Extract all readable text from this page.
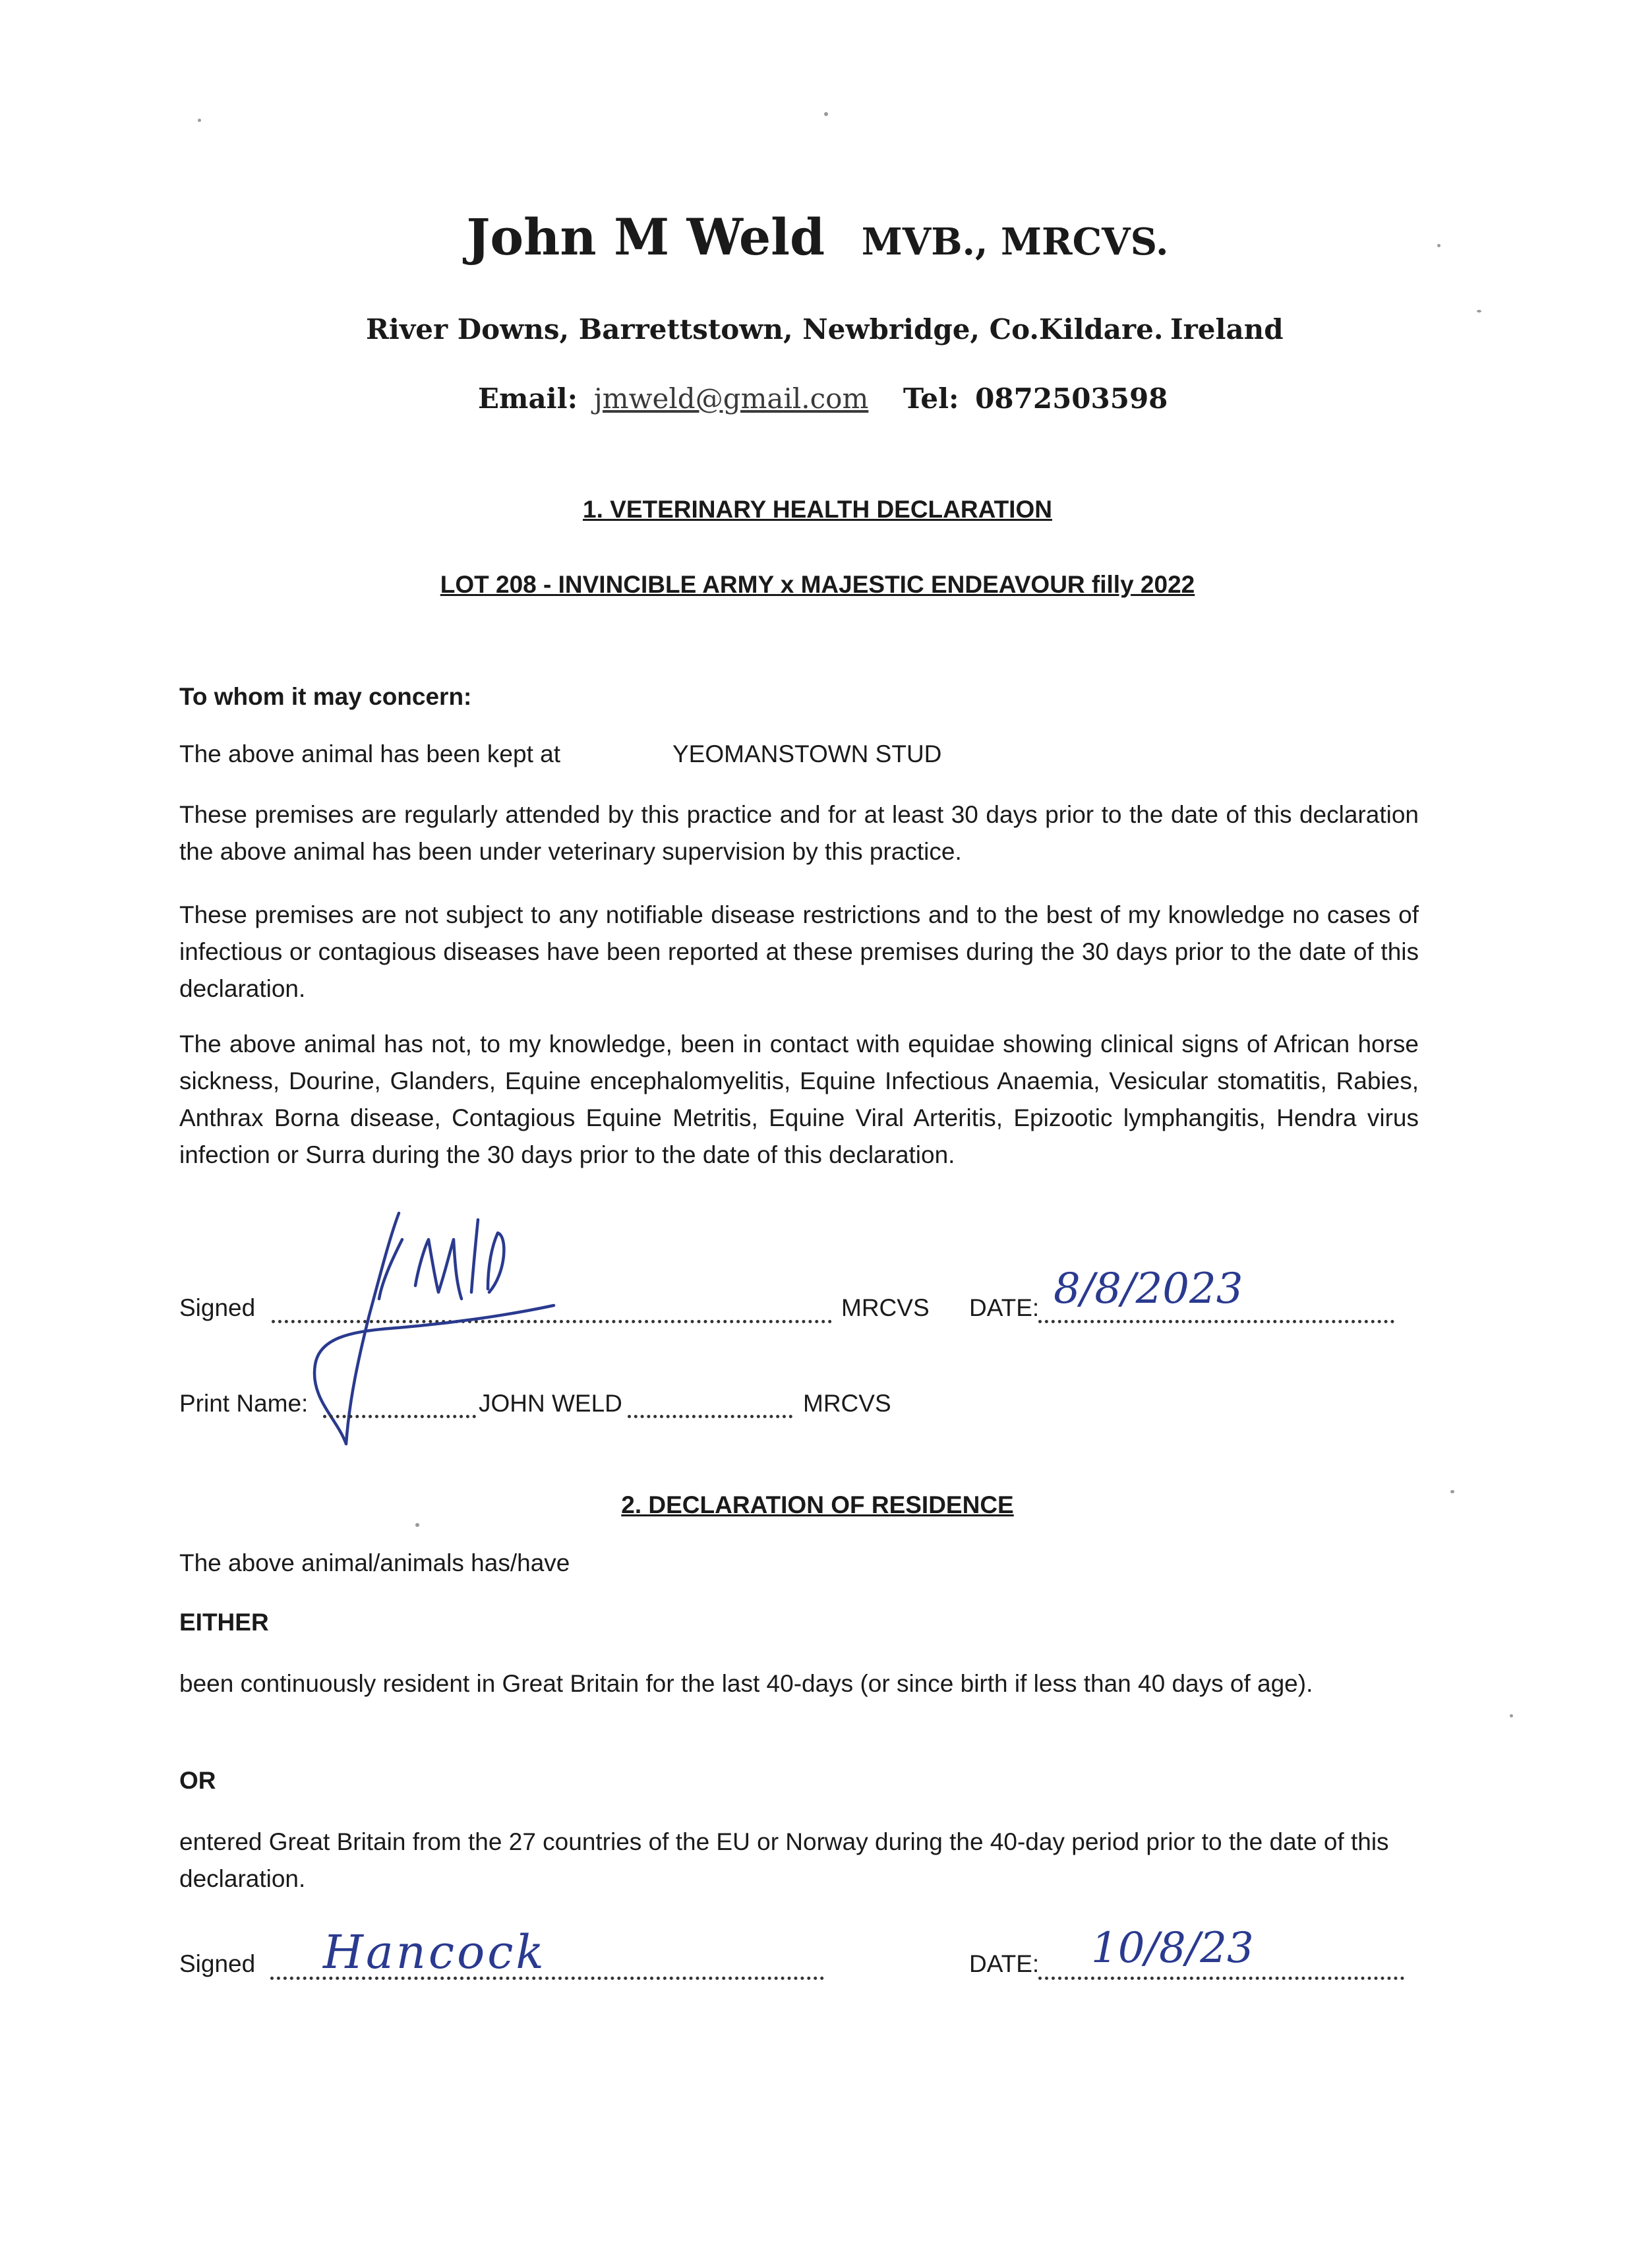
John M Weld MVB., MRCVS.
River Downs, Barrettstown, Newbridge, Co.Kildare. Ireland
Email: jmweld@gmail.com Tel: 0872503598
1. VETERINARY HEALTH DECLARATION
LOT 208 - INVINCIBLE ARMY x MAJESTIC ENDEAVOUR filly 2022
To whom it may concern:
The above animal has been kept at	YEOMANSTOWN STUD

These premises are regularly attended by this practice and for at least 30 days prior to the date of this declaration the above animal has been under veterinary supervision by this practice.

These premises are not subject to any notifiable disease restrictions and to the best of my knowledge no cases of infectious or contagious diseases have been reported at these premises during the 30 days prior to the date of this declaration.

The above animal has not, to my knowledge, been in contact with equidae showing clinical signs of African horse sickness, Dourine, Glanders, Equine encephalomyelitis, Equine Infectious Anaemia, Vesicular stomatitis, Rabies, Anthrax Borna disease, Contagious Equine Metritis, Equine Viral Arteritis, Epizootic lymphangitis, Hendra virus infection or Surra during the 30 days prior to the date of this declaration.

Signed	MRCVS DATE: 8/8/2023
Print Name:	JOHN WELD	MRCVS
2. DECLARATION OF RESIDENCE
The above animal/animals has/have
EITHER

been continuously resident in Great Britain for the last 40-days (or since birth if less than 40 days of age).

OR

entered Great Britain from the 27 countries of the EU or Norway during the 40-day period prior to the date of this declaration.

Signed Hancock	DATE: 10/8/23
